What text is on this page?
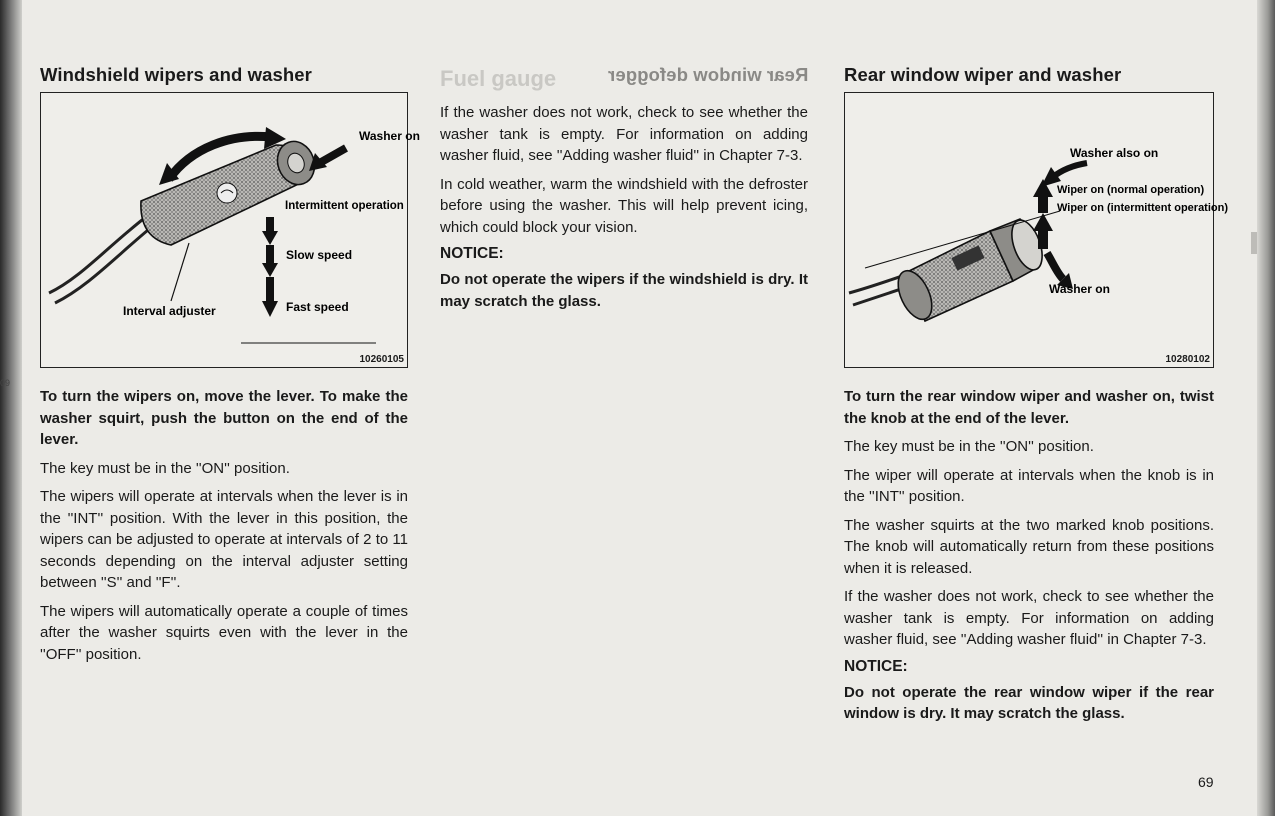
09
Fuel gauge
Windshield wipers and washer
Washer on
Intermittent operation
Slow speed
Fast speed
Interval adjuster
10260105

To turn the wipers on, move the lever. To make the washer squirt, push the button on the end of the lever.

The key must be in the ''ON'' position.

The wipers will operate at intervals when the lever is in the ''INT'' position. With the lever in this position, the wipers can be adjusted to operate at intervals of 2 to 11 seconds depending on the interval adjuster setting between ''S'' and ''F''.

The wipers will automatically operate a couple of times after the washer squirts even with the lever in the ''OFF'' position.

Rear window defogger

If the washer does not work, check to see whether the washer tank is empty. For information on adding washer fluid, see ''Adding washer fluid'' in Chapter 7-3.

In cold weather, warm the windshield with the defroster before using the washer. This will help prevent icing, which could block your vision.

NOTICE:

Do not operate the wipers if the windshield is dry. It may scratch the glass.

Rear window wiper and washer
Washer also on
Wiper on (normal operation)
Wiper on (intermittent operation)
Washer on
10280102

To turn the rear window wiper and washer on, twist the knob at the end of the lever.

The key must be in the ''ON'' position.

The wiper will operate at intervals when the knob is in the ''INT'' position.

The washer squirts at the two marked knob positions. The knob will automatically return from these positions when it is released.

If the washer does not work, check to see whether the washer tank is empty. For information on adding washer fluid, see ''Adding washer fluid'' in Chapter 7-3.

NOTICE:

Do not operate the rear window wiper if the rear window is dry. It may scratch the glass.

69
